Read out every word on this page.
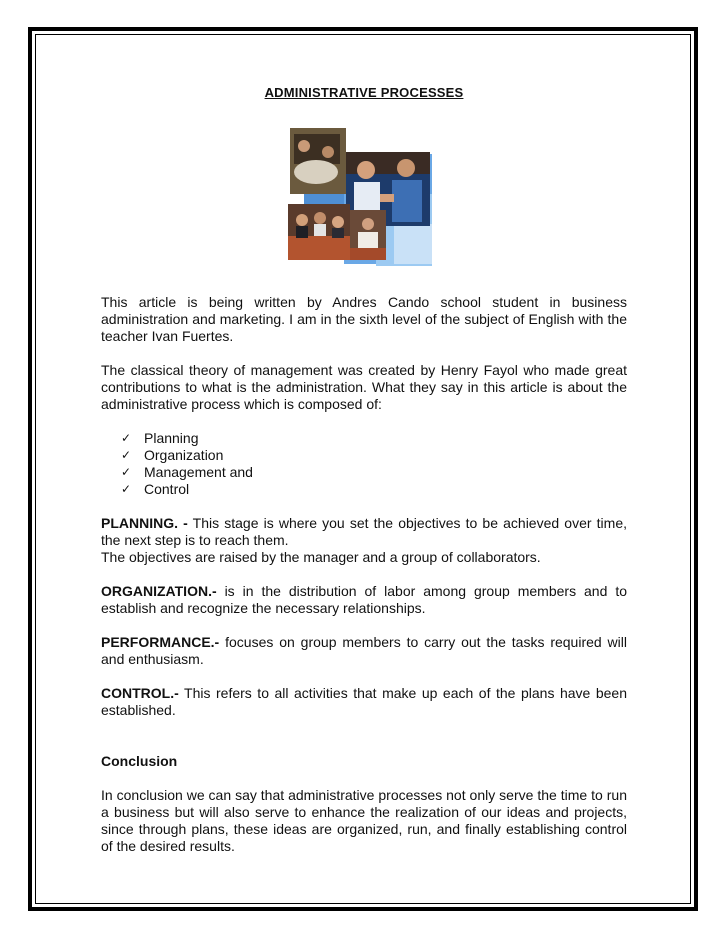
ADMINISTRATIVE PROCESSES

This article is being written by Andres Cando school student in business administration and marketing. I am in the sixth level of the subject of English with the teacher Ivan Fuertes.

The classical theory of management was created by Henry Fayol who made great contributions to what is the administration. What they say in this article is about the administrative process which is composed of:

✓ Planning
✓ Organization
✓ Management and
✓ Control

PLANNING. - This stage is where you set the objectives to be achieved over time, the next step is to reach them.

The objectives are raised by the manager and a group of collaborators.

ORGANIZATION.- is in the distribution of labor among group members and to establish and recognize the necessary relationships.

PERFORMANCE.- focuses on group members to carry out the tasks required will and enthusiasm.

CONTROL.- This refers to all activities that make up each of the plans have been established.

Conclusion

In conclusion we can say that administrative processes not only serve the time to run a business but will also serve to enhance the realization of our ideas and projects, since through plans, these ideas are organized, run, and finally establishing control of the desired results.
